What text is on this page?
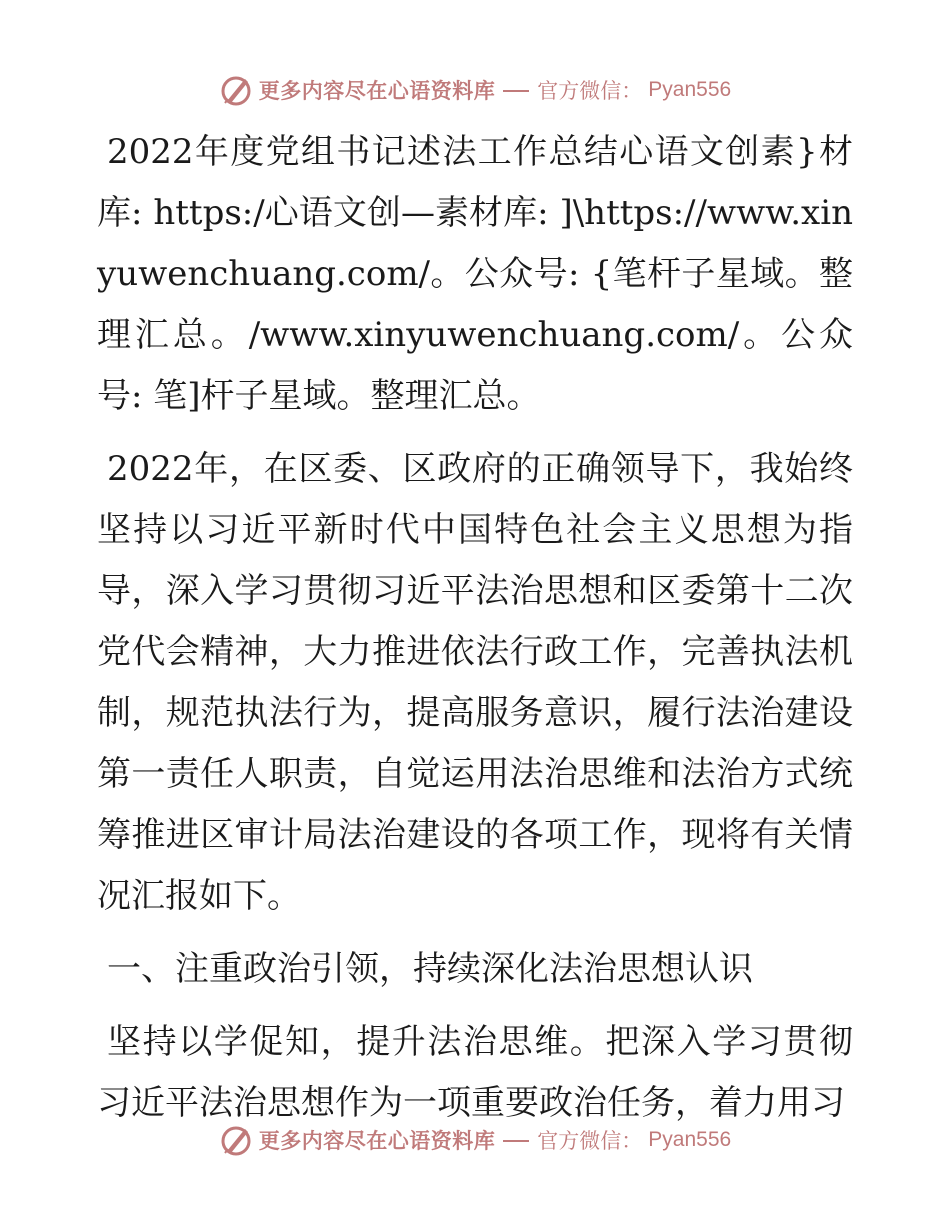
更多内容尽在心语资料库 官方微信： Pyan556

2022年度党组书记述法工作总结心语文创素}材库: https:/心语文创—素材库: ]\https://www.xinyuwenchuang.com/。公众号: {笔杆子星域。整理汇总。/www.xinyuwenchuang.com/。公众号: 笔]杆子星域。整理汇总。

2022年，在区委、区政府的正确领导下，我始终坚持以习近平新时代中国特色社会主义思想为指导，深入学习贯彻习近平法治思想和区委第十二次党代会精神，大力推进依法行政工作，完善执法机制，规范执法行为，提高服务意识，履行法治建设第一责任人职责，自觉运用法治思维和法治方式统筹推进区审计局法治建设的各项工作，现将有关情况汇报如下。

一、注重政治引领，持续深化法治思想认识

坚持以学促知，提升法治思维。把深入学习贯彻习近平法治思想作为一项重要政治任务，着力用习

更多内容尽在心语资料库 官方微信： Pyan556
